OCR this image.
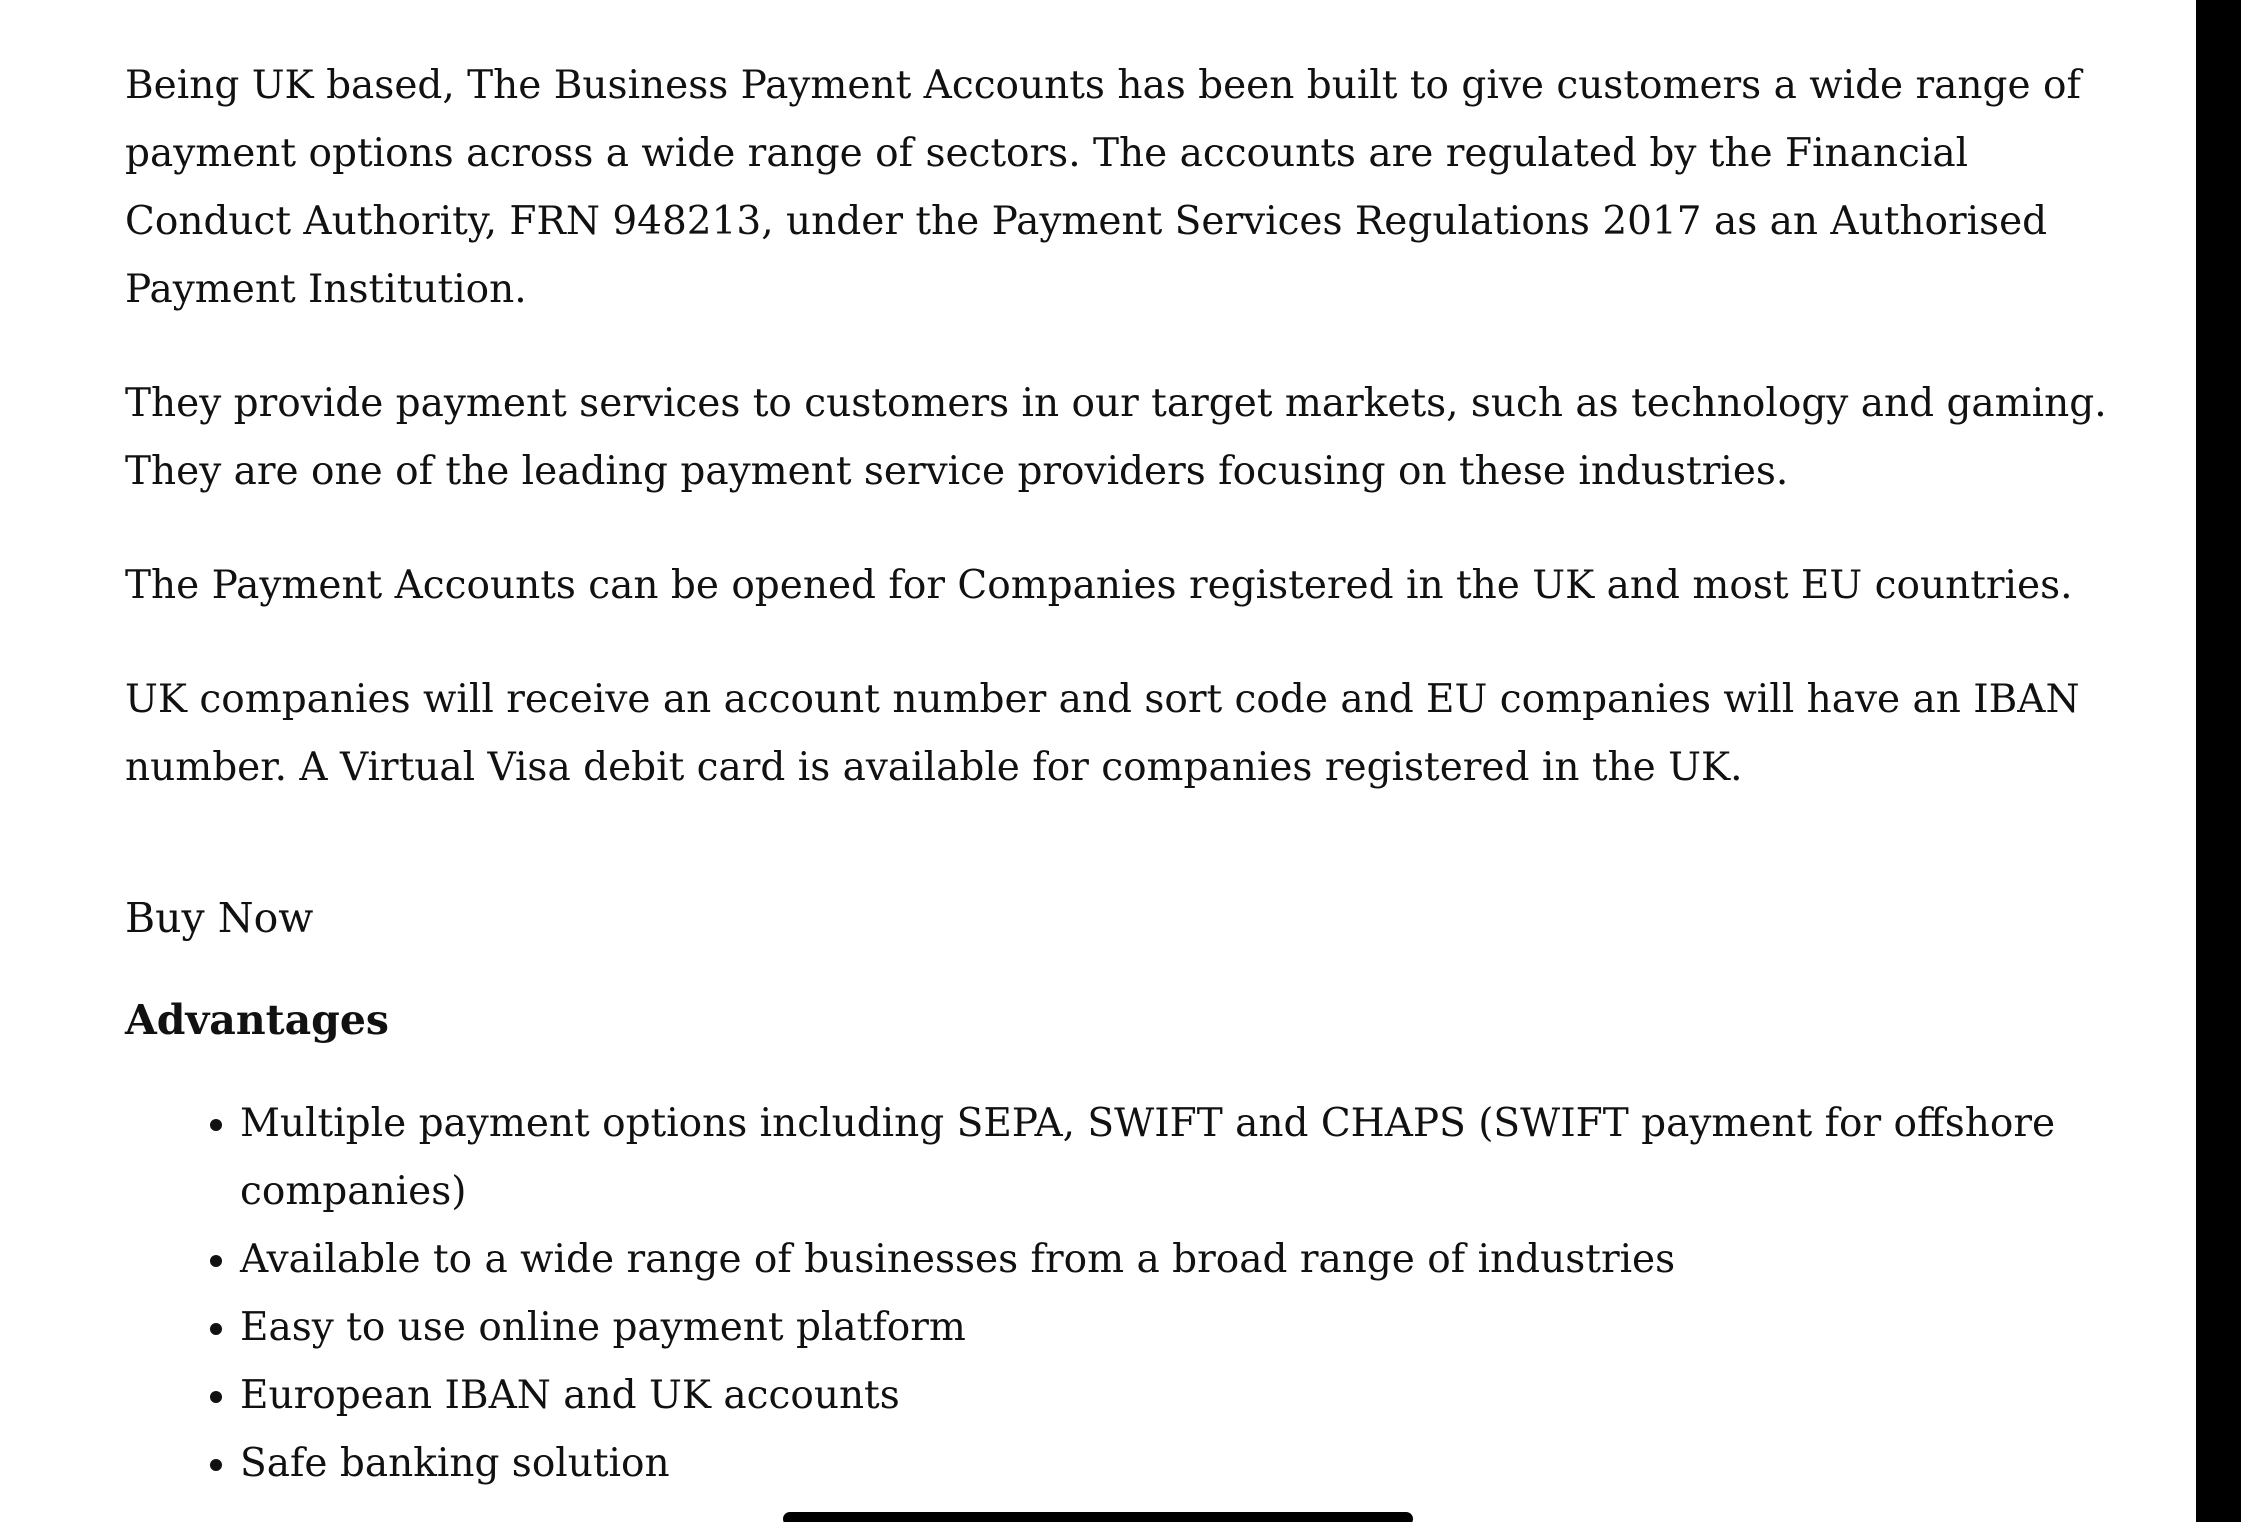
Being UK based, The Business Payment Accounts has been built to give customers a wide range of payment options across a wide range of sectors. The accounts are regulated by the Financial Conduct Authority, FRN 948213, under the Payment Services Regulations 2017 as an Authorised Payment Institution.

They provide payment services to customers in our target markets, such as technology and gaming. They are one of the leading payment service providers focusing on these industries.

The Payment Accounts can be opened for Companies registered in the UK and most EU countries.

UK companies will receive an account number and sort code and EU companies will have an IBAN number. A Virtual Visa debit card is available for companies registered in the UK.

Buy Now
Advantages
• Multiple payment options including SEPA, SWIFT and CHAPS (SWIFT payment for offshore companies)
• Available to a wide range of businesses from a broad range of industries
• Easy to use online payment platform
• European IBAN and UK accounts
• Safe banking solution
